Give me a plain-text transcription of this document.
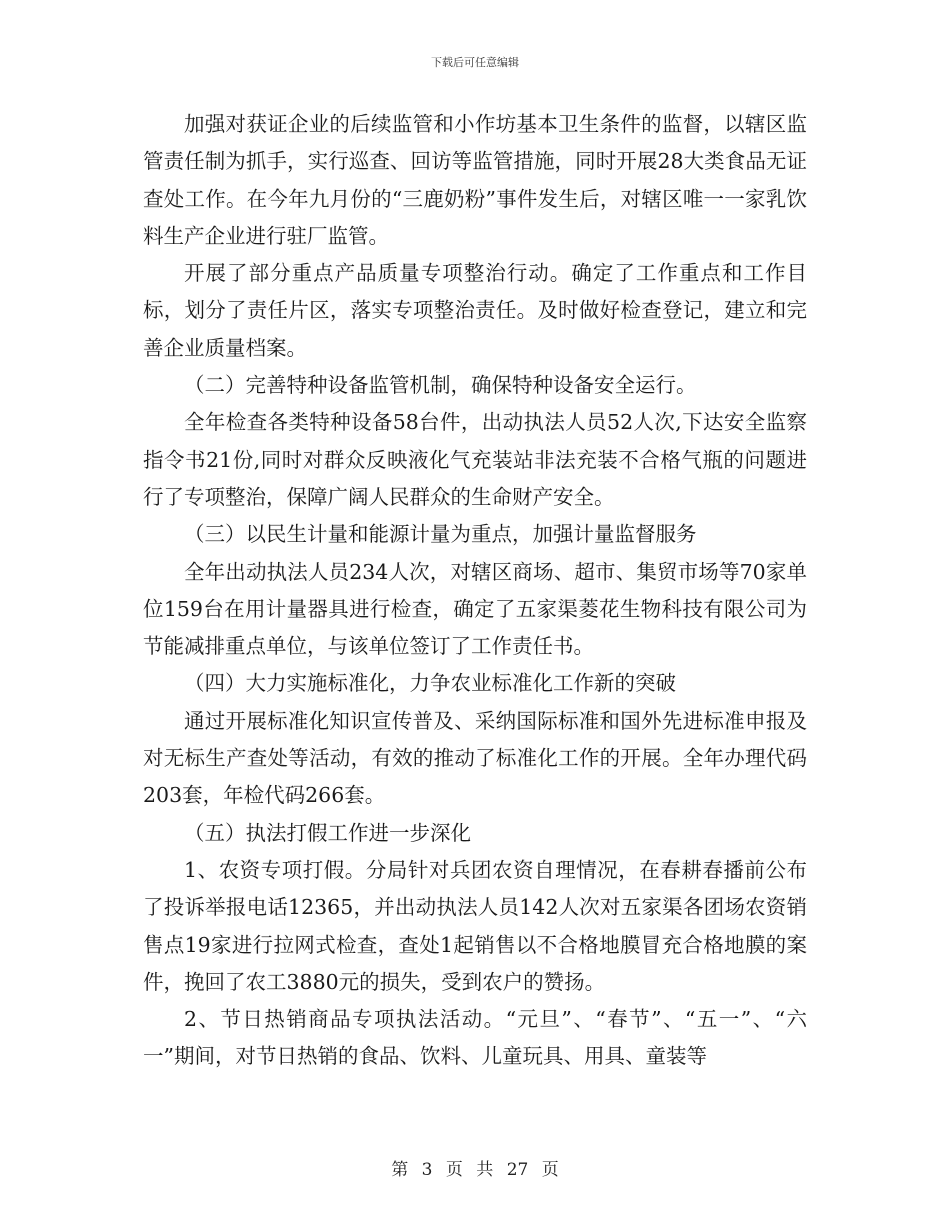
下载后可任意编辑

加强对获证企业的后续监管和小作坊基本卫生条件的监督，以辖区监管责任制为抓手，实行巡查、回访等监管措施，同时开展28大类食品无证查处工作。在今年九月份的“三鹿奶粉”事件发生后，对辖区唯一一家乳饮料生产企业进行驻厂监管。

开展了部分重点产品质量专项整治行动。确定了工作重点和工作目标，划分了责任片区，落实专项整治责任。及时做好检查登记，建立和完善企业质量档案。

（二）完善特种设备监管机制，确保特种设备安全运行。

全年检查各类特种设备58台件，出动执法人员52人次,下达安全监察指令书21份,同时对群众反映液化气充装站非法充装不合格气瓶的问题进行了专项整治，保障广阔人民群众的生命财产安全。

（三）以民生计量和能源计量为重点，加强计量监督服务

全年出动执法人员234人次，对辖区商场、超市、集贸市场等70家单位159台在用计量器具进行检查，确定了五家渠菱花生物科技有限公司为节能减排重点单位，与该单位签订了工作责任书。

（四）大力实施标准化，力争农业标准化工作新的突破

通过开展标准化知识宣传普及、采纳国际标准和国外先进标准申报及对无标生产查处等活动，有效的推动了标准化工作的开展。全年办理代码203套，年检代码266套。

（五）执法打假工作进一步深化

1、农资专项打假。分局针对兵团农资自理情况，在春耕春播前公布了投诉举报电话12365，并出动执法人员142人次对五家渠各团场农资销售点19家进行拉网式检查，查处1起销售以不合格地膜冒充合格地膜的案件，挽回了农工3880元的损失，受到农户的赞扬。

2、节日热销商品专项执法活动。“元旦”、“春节”、“五一”、“六一”期间，对节日热销的食品、饮料、儿童玩具、用具、童装等

第 3 页 共 27 页
